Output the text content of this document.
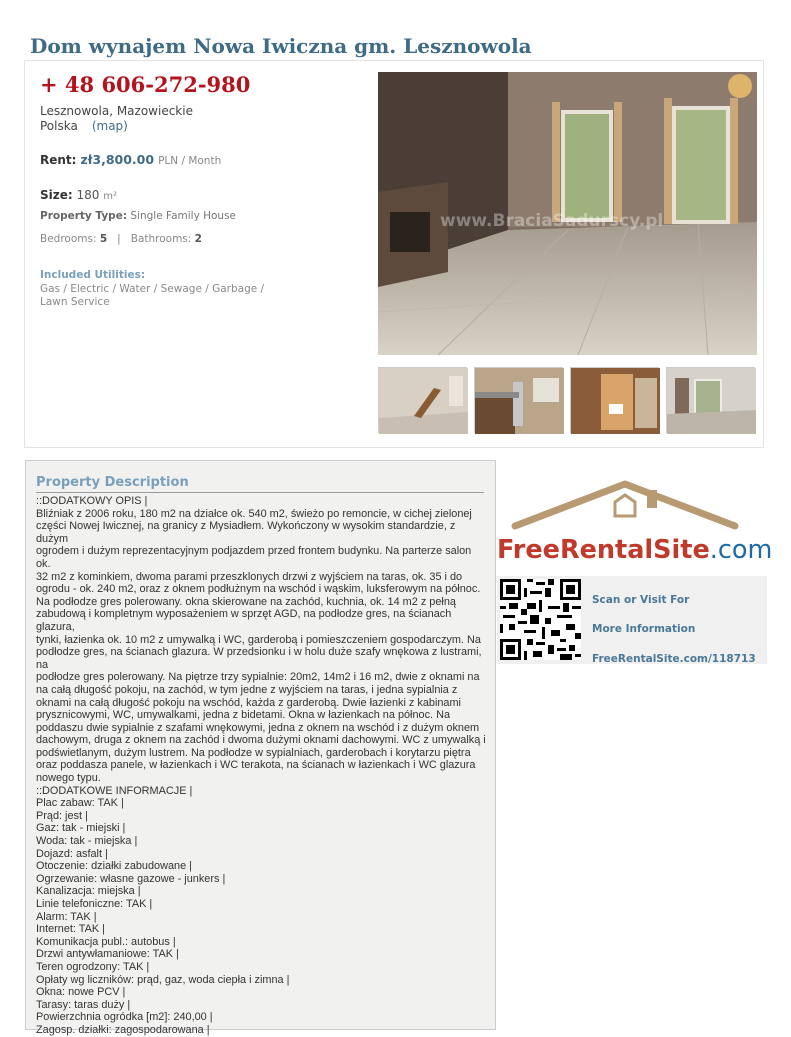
Dom wynajem Nowa Iwiczna gm. Lesznowola
+ 48 606-272-980
Lesznowola, Mazowieckie
Polska (map)
Rent: zł3,800.00 PLN / Month
Size: 180 m²
Property Type: Single Family House
Bedrooms: 5 | Bathrooms: 2
Included Utilities:
Gas / Electric / Water / Sewage / Garbage / Lawn Service
www.BraciaSadurscy.pl
Property Description
::DODATKOWY OPIS |
Bliźniak z 2006 roku, 180 m2 na działce ok. 540 m2, świeżo po remoncie, w cichej zielonej
części Nowej Iwicznej, na granicy z Mysiadłem. Wykończony w wysokim standardzie, z dużym
ogrodem i dużym reprezentacyjnym podjazdem przed frontem budynku. Na parterze salon ok.
32 m2 z kominkiem, dwoma parami przeszklonych drzwi z wyjściem na taras, ok. 35 i do
ogrodu - ok. 240 m2, oraz z oknem podłużnym na wschód i wąskim, luksferowym na północ.
Na podłodze gres polerowany. okna skierowane na zachód, kuchnia, ok. 14 m2 z pełną
zabudową i kompletnym wyposażeniem w sprzęt AGD, na podłodze gres, na ścianach glazura,
tynki, łazienka ok. 10 m2 z umywalką i WC, garderobą i pomieszczeniem gospodarczym. Na
podłodze gres, na ścianach glazura. W przedsionku i w holu duże szafy wnękowa z lustrami, na
podłodze gres polerowany. Na piętrze trzy sypialnie: 20m2, 14m2 i 16 m2, dwie z oknami na
na całą długość pokoju, na zachód, w tym jedne z wyjściem na taras, i jedna sypialnia z
oknami na całą długość pokoju na wschód, każda z garderobą. Dwie łazienki z kabinami
prysznicowymi, WC, umywalkami, jedna z bidetami. Okna w łazienkach na północ. Na
poddaszu dwie sypialnie z szafami wnękowymi, jedna z oknem na wschód i z dużym oknem
dachowym, druga z oknem na zachód i dwoma dużymi oknami dachowymi. WC z umywalką i
podświetlanym, dużym lustrem. Na podłodze w sypialniach, garderobach i korytarzu piętra
oraz poddasza panele, w łazienkach i WC terakota, na ścianach w łazienkach i WC glazura
nowego typu.
::DODATKOWE INFORMACJE |
Plac zabaw: TAK |
Prąd: jest |
Gaz: tak - miejski |
Woda: tak - miejska |
Dojazd: asfalt |
Otoczenie: działki zabudowane |
Ogrzewanie: własne gazowe - junkers |
Kanalizacja: miejska |
Linie telefoniczne: TAK |
Alarm: TAK |
Internet: TAK |
Komunikacja publ.: autobus |
Drzwi antywłamaniowe: TAK |
Teren ogrodzony: TAK |
Opłaty wg liczników: prąd, gaz, woda ciepła i zimna |
Okna: nowe PCV |
Tarasy: taras duży |
Powierzchnia ogródka [m2]: 240,00 |
Zagosp. działki: zagospodarowana |
FreeRentalSite.com
Scan or Visit For
More Information
FreeRentalSite.com/118713
